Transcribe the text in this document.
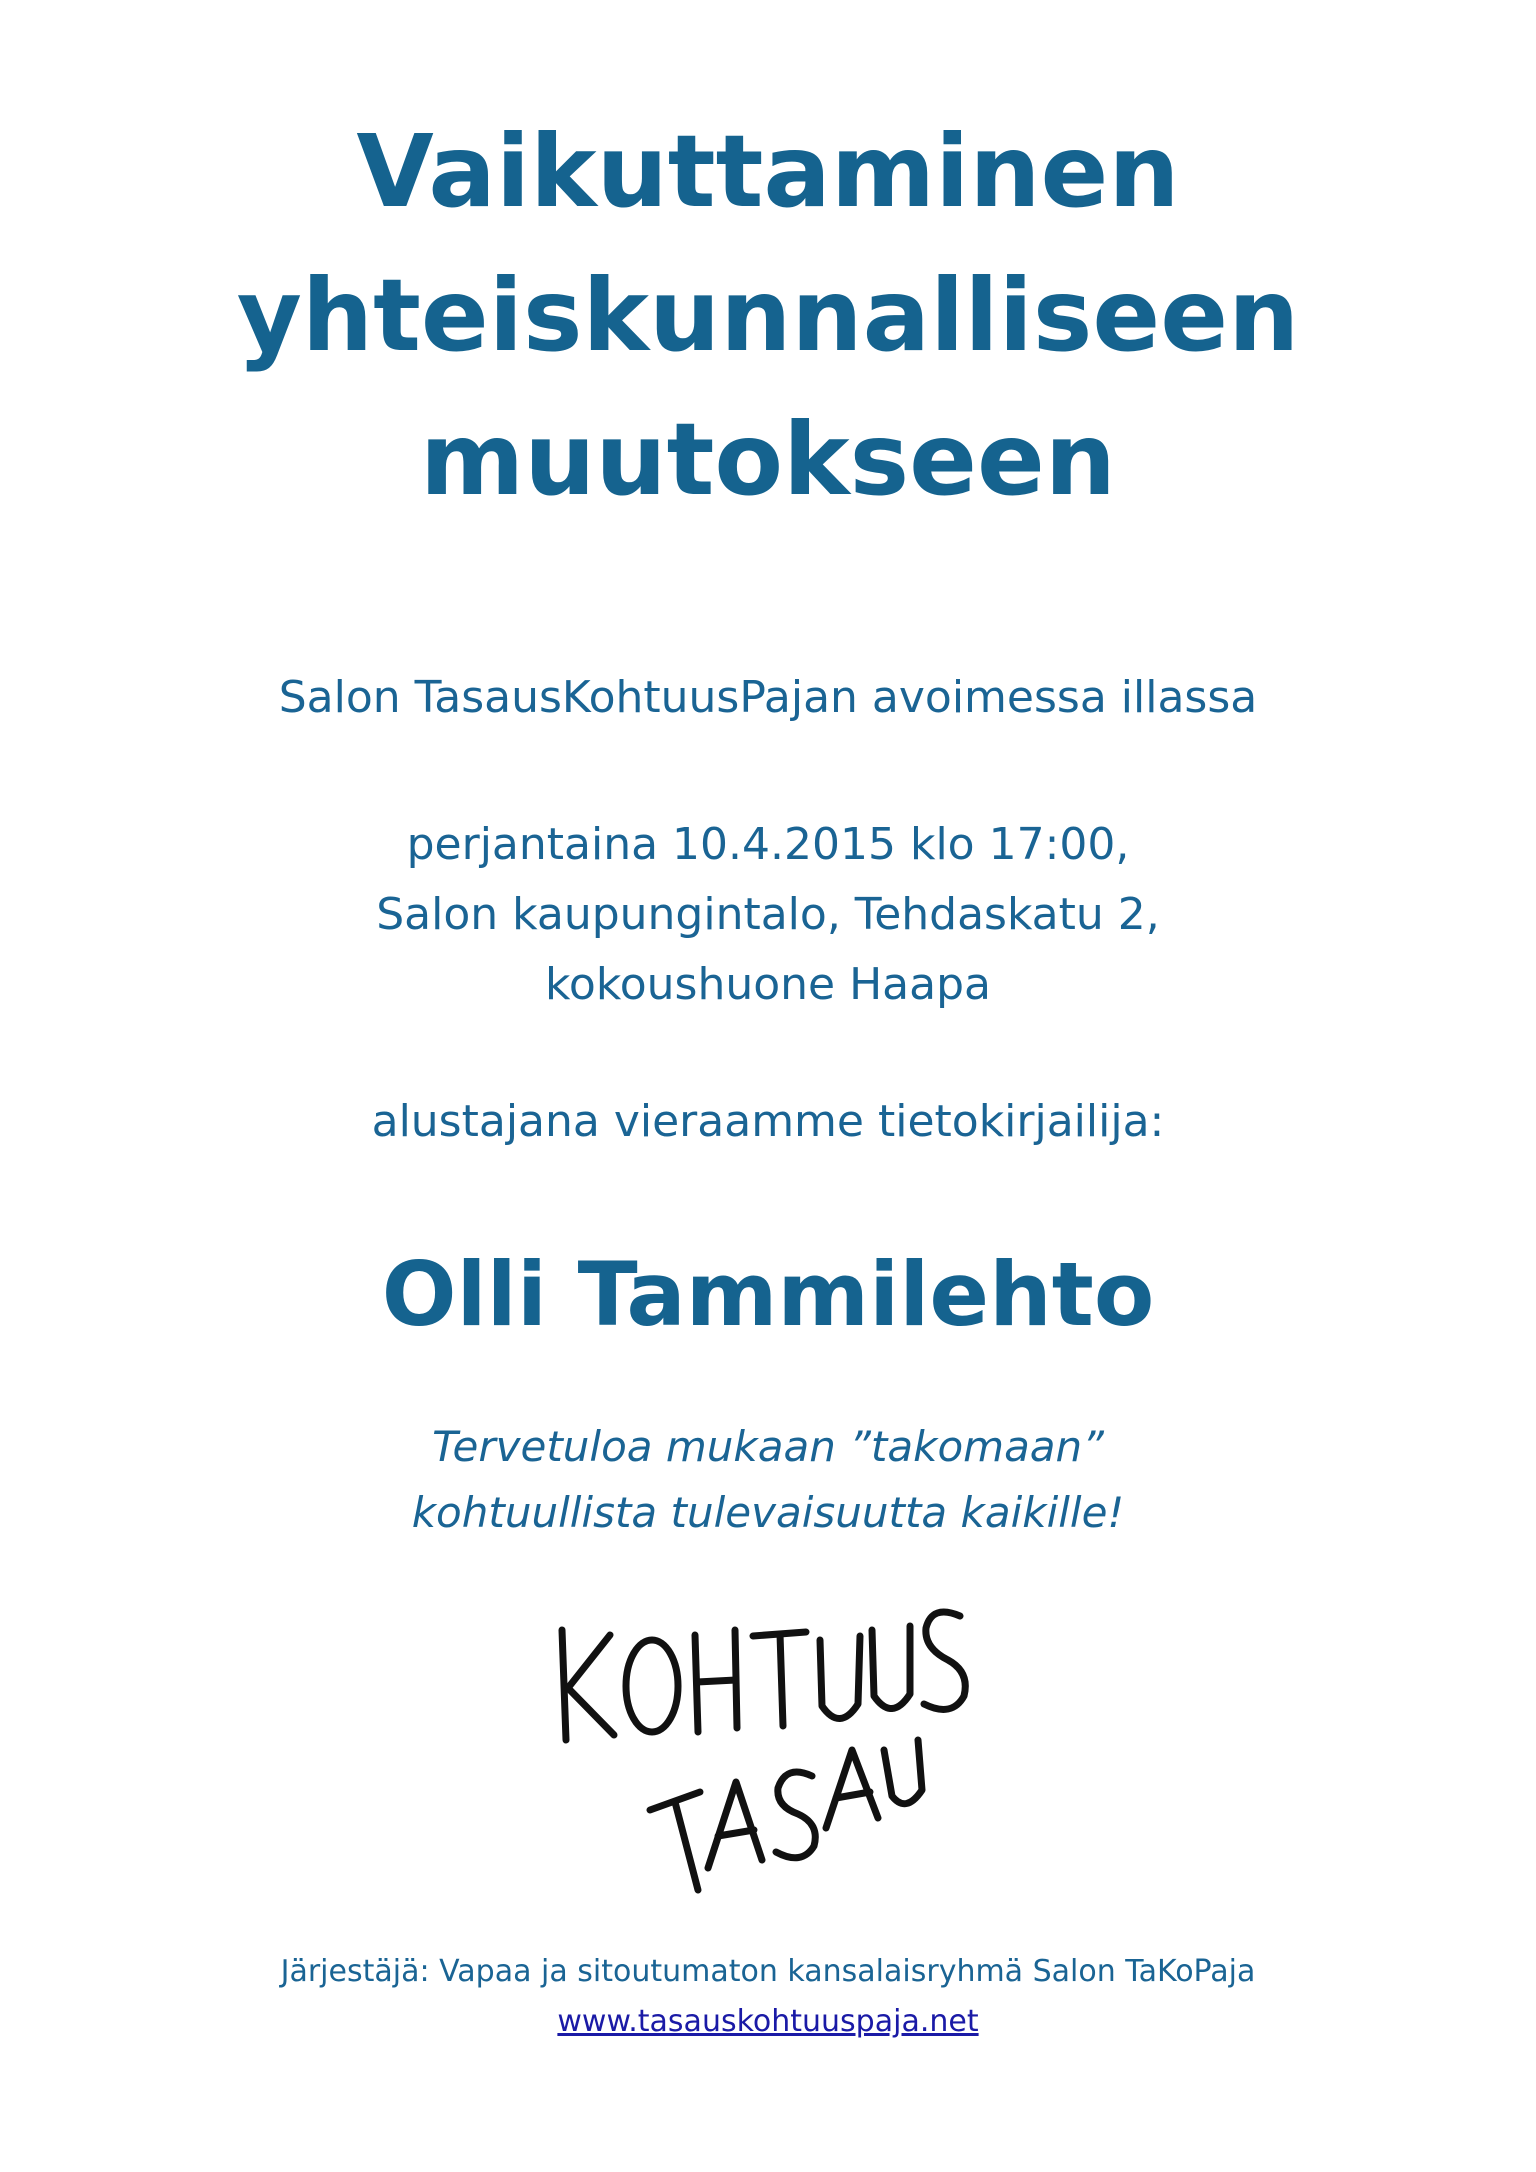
Vaikuttaminen
yhteiskunnalliseen
muutokseen
Salon TasausKohtuusPajan avoimessa illassa
perjantaina 10.4.2015 klo 17:00,
Salon kaupungintalo, Tehdaskatu 2,
kokoushuone Haapa
alustajana vieraamme tietokirjailija:
Olli Tammilehto
Tervetuloa mukaan ”takomaan”
kohtuullista tulevaisuutta kaikille!
Järjestäjä: Vapaa ja sitoutumaton kansalaisryhmä Salon TaKoPaja
www.tasauskohtuuspaja.net
